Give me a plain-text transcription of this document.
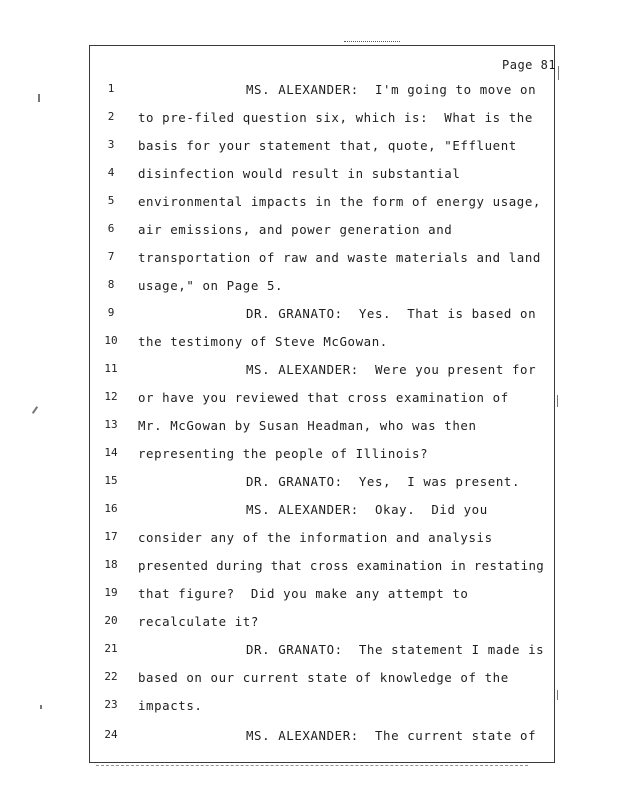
Page 81
1	MS. ALEXANDER:  I'm going to move on
2	to pre-filed question six, which is:  What is the
3	basis for your statement that, quote, "Effluent
4	disinfection would result in substantial
5	environmental impacts in the form of energy usage,
6	air emissions, and power generation and
7	transportation of raw and waste materials and land
8	usage," on Page 5.
9	DR. GRANATO:  Yes.  That is based on
10	the testimony of Steve McGowan.
11	MS. ALEXANDER:  Were you present for
12	or have you reviewed that cross examination of
13	Mr. McGowan by Susan Headman, who was then
14	representing the people of Illinois?
15	DR. GRANATO:  Yes,  I was present.
16	MS. ALEXANDER:  Okay.  Did you
17	consider any of the information and analysis
18	presented during that cross examination in restating
19	that figure?  Did you make any attempt to
20	recalculate it?
21	DR. GRANATO:  The statement I made is
22	based on our current state of knowledge of the
23	impacts.
24	MS. ALEXANDER:  The current state of
